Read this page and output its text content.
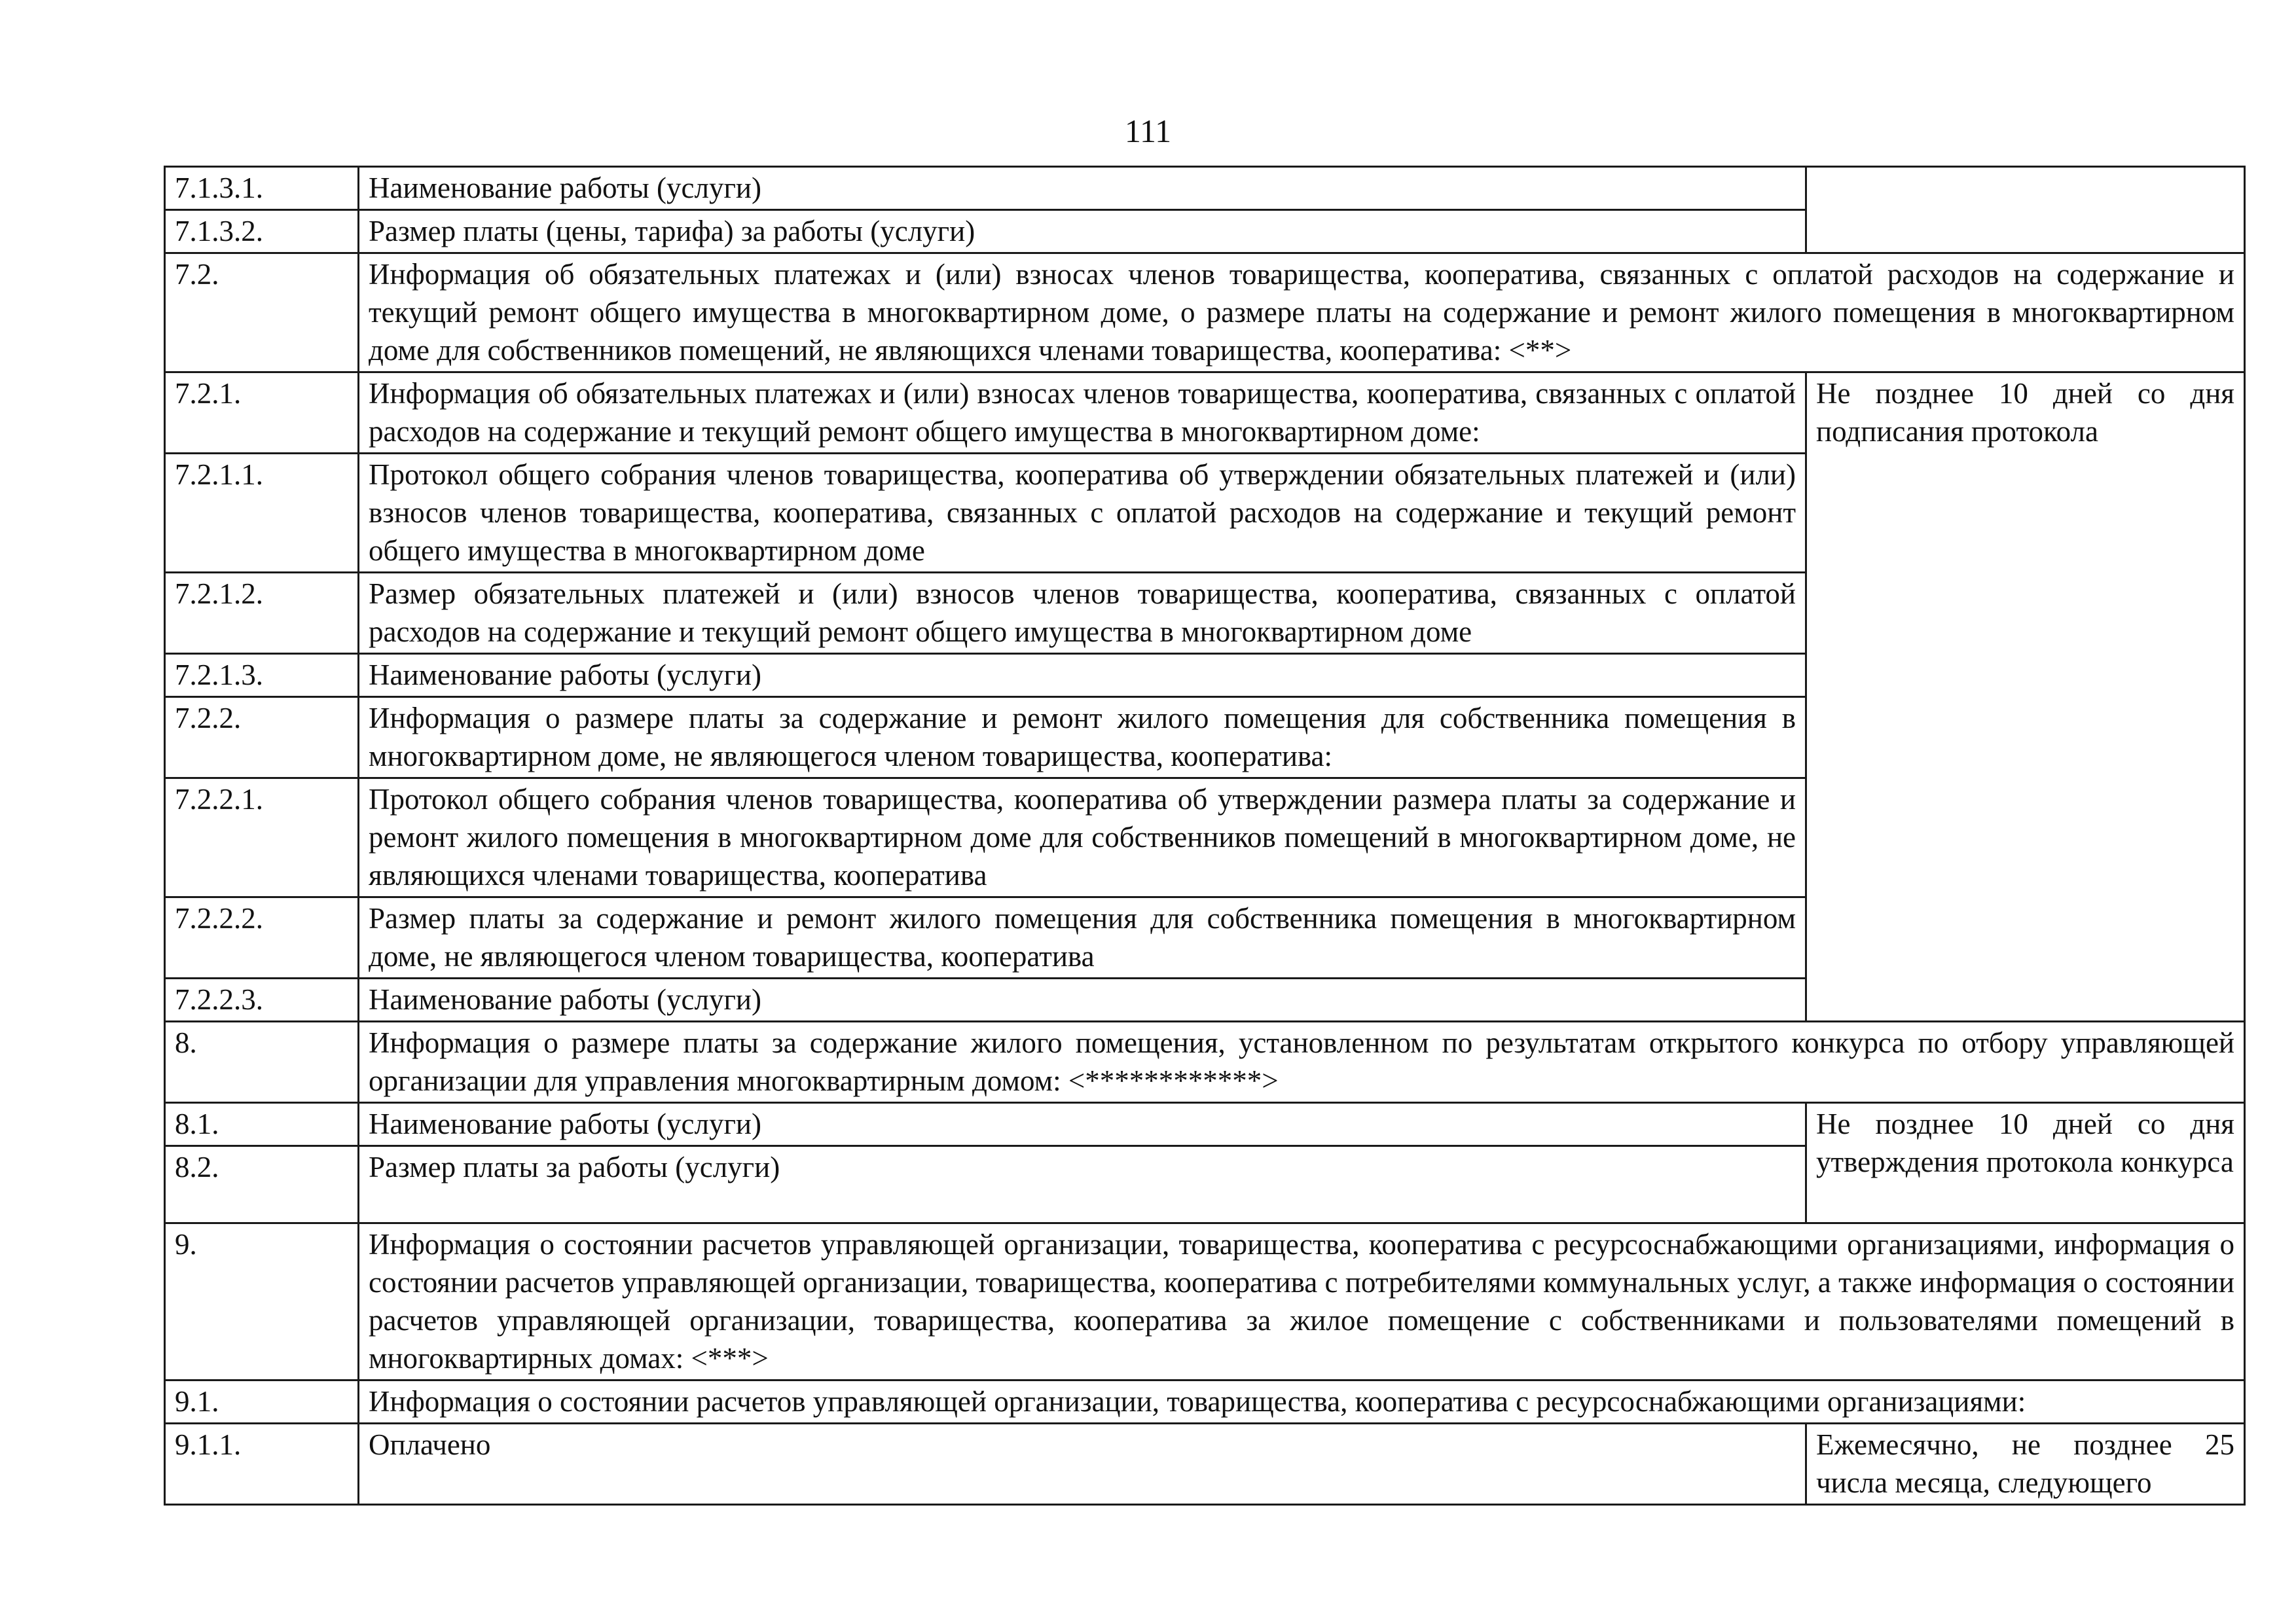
111
7.1.3.1.	Наименование работы (услуги)	
7.1.3.2.	Размер платы (цены, тарифа) за работы (услуги)	
7.2.	Информация об обязательных платежах и (или) взносах членов товарищества, кооператива, связанных с оплатой расходов на содержание и текущий ремонт общего имущества в многоквартирном доме, о размере платы на содержание и ремонт жилого помещения в многоквартирном доме для собственников помещений, не являющихся членами товарищества, кооператива: <**>	
7.2.1.	Информация об обязательных платежах и (или) взносах членов товарищества, кооператива, связанных с оплатой расходов на содержание и текущий ремонт общего имущества в многоквартирном доме:	Не позднее 10 дней со дня подписания протокола
7.2.1.1.	Протокол общего собрания членов товарищества, кооператива об утверждении обязательных платежей и (или) взносов членов товарищества, кооператива, связанных с оплатой расходов на содержание и текущий ремонт общего имущества в многоквартирном доме	
7.2.1.2.	Размер обязательных платежей и (или) взносов членов товарищества, кооператива, связанных с оплатой расходов на содержание и текущий ремонт общего имущества в многоквартирном доме	
7.2.1.3.	Наименование работы (услуги)	
7.2.2.	Информация о размере платы за содержание и ремонт жилого помещения для собственника помещения в многоквартирном доме, не являющегося членом товарищества, кооператива:	
7.2.2.1.	Протокол общего собрания членов товарищества, кооператива об утверждении размера платы за содержание и ремонт жилого помещения в многоквартирном доме для собственников помещений в многоквартирном доме, не являющихся членами товарищества, кооператива	
7.2.2.2.	Размер платы за содержание и ремонт жилого помещения для собственника помещения в многоквартирном доме, не являющегося членом товарищества, кооператива	
7.2.2.3.	Наименование работы (услуги)	
8.	Информация о размере платы за содержание жилого помещения, установленном по результатам открытого конкурса по отбору управляющей организации для управления многоквартирным домом: <************>	
8.1.	Наименование работы (услуги)	Не позднее 10 дней со дня утверждения протокола конкурса
8.2.	Размер платы за работы (услуги)	
9.	Информация о состоянии расчетов управляющей организации, товарищества, кооператива с ресурсоснабжающими организациями, информация о состоянии расчетов управляющей организации, товарищества, кооператива с потребителями коммунальных услуг, а также информация о состоянии расчетов управляющей организации, товарищества, кооператива за жилое помещение с собственниками и пользователями помещений в многоквартирных домах: <***>	
9.1.	Информация о состоянии расчетов управляющей организации, товарищества, кооператива с ресурсоснабжающими организациями:	
9.1.1.	Оплачено	Ежемесячно, не позднее 25 числа месяца, следующего
